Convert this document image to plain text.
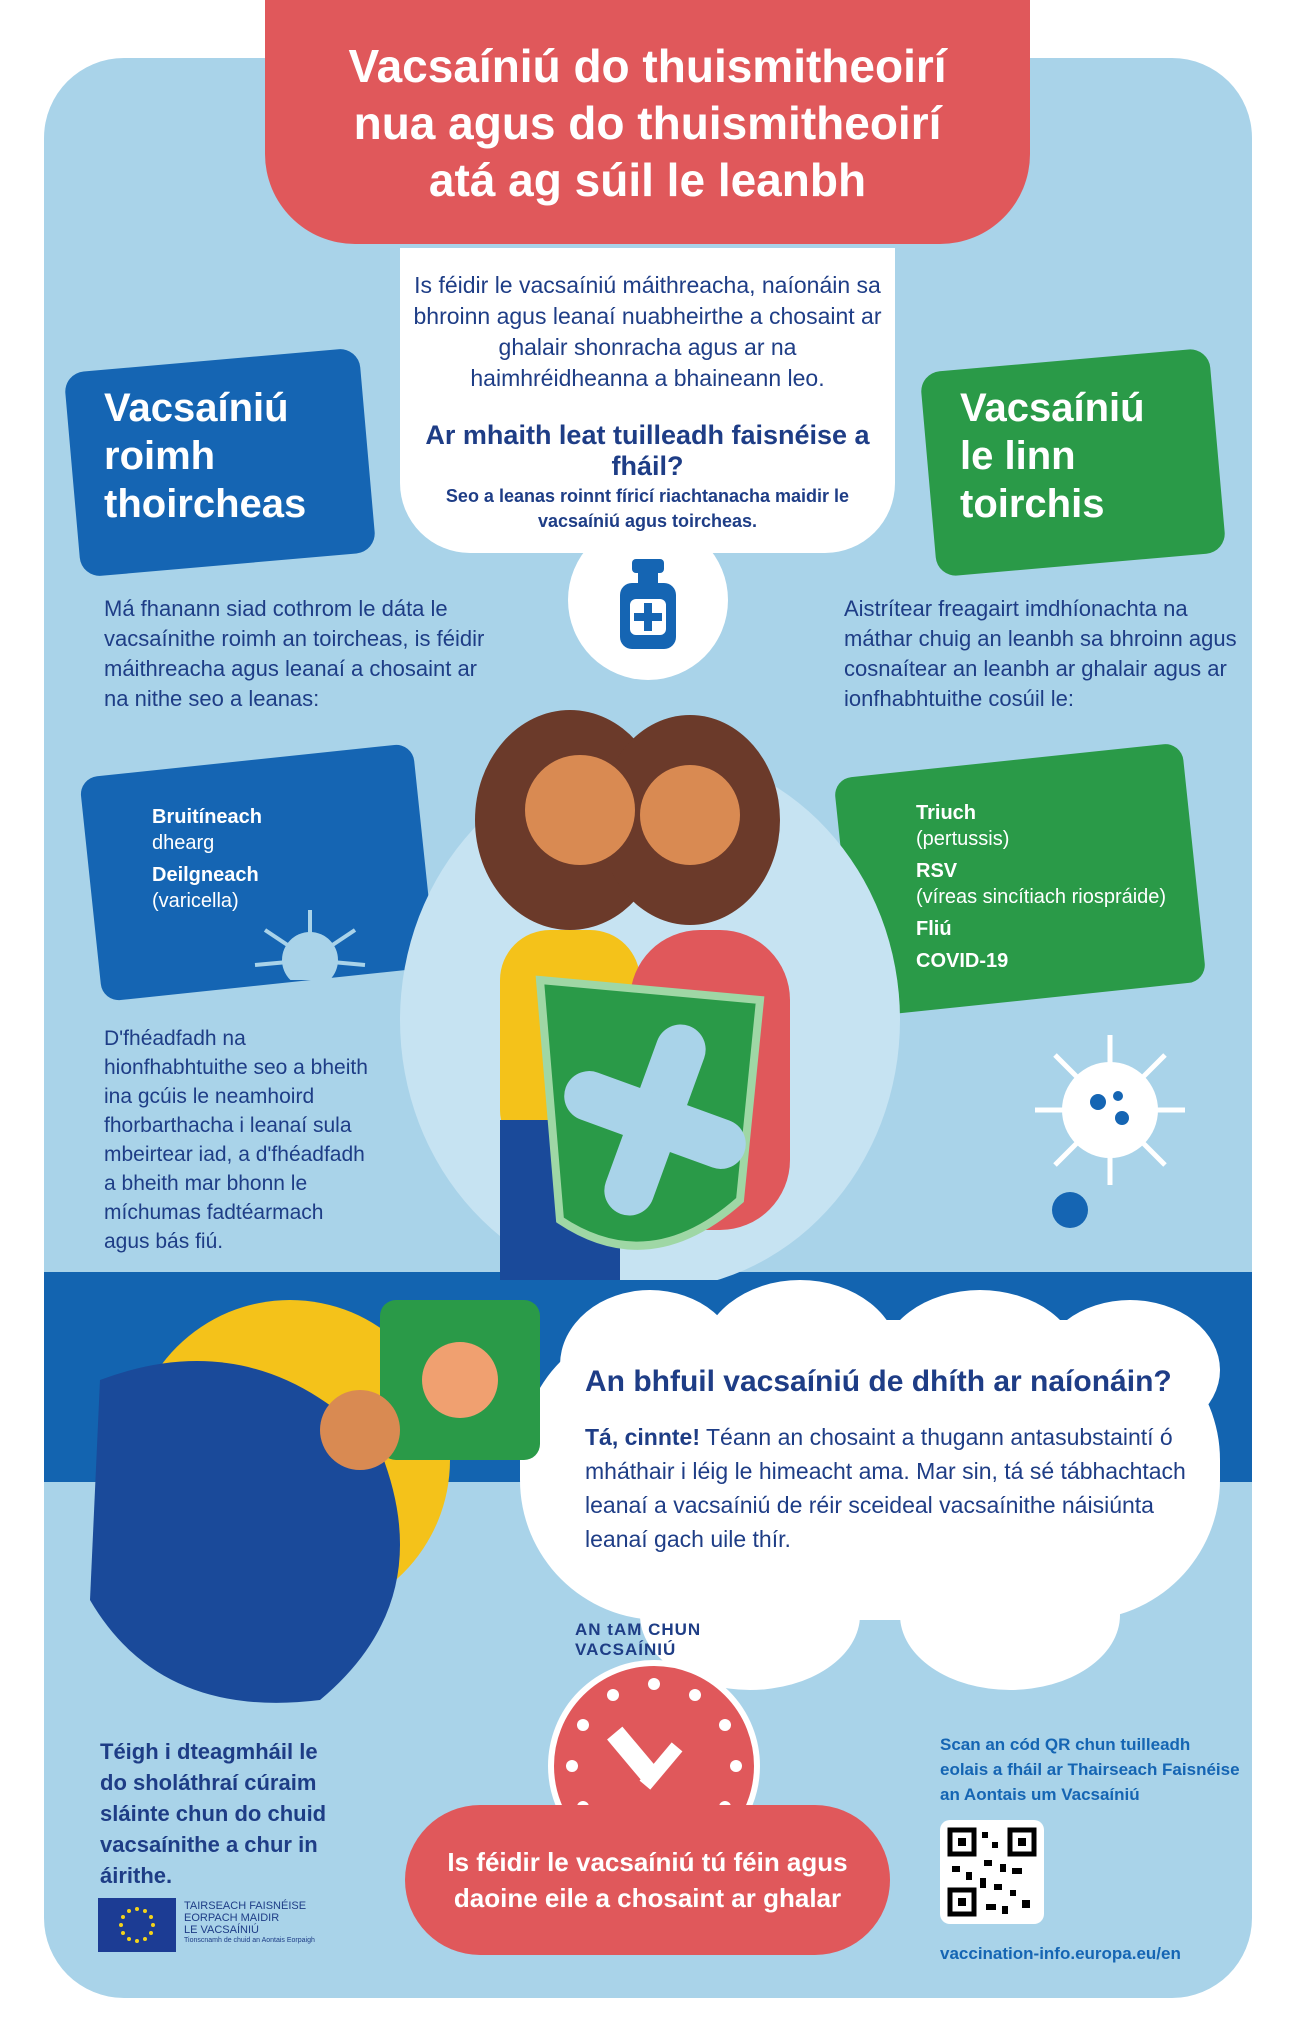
Vacsaíniú do thuismitheoirí
nua agus do thuismitheoirí
atá ag súil le leanbh
Is féidir le vacsaíniú máithreacha, naíonáin sa bhroinn agus leanaí nuabheirthe a chosaint ar ghalair shonracha agus ar na haimhréidheanna a bhaineann leo.
Ar mhaith leat tuilleadh faisnéise a fháil?
Seo a leanas roinnt fíricí riachtanacha maidir le vacsaíniú agus toircheas.
Vacsaíniú
roimh
thoircheas
Má fhanann siad cothrom le dáta le vacsaínithe roimh an toircheas, is féidir máithreacha agus leanaí a chosaint ar na nithe seo a leanas:
Bruitíneach
dhearg
Deilgneach
(varicella)
D'fhéadfadh na hionfhabhtuithe seo a bheith ina gcúis le neamhoird fhorbarthacha i leanaí sula mbeirtear iad, a d'fhéadfadh a bheith mar bhonn le míchumas fadtéarmach agus bás fiú.
Vacsaíniú
le linn
toirchis
Aistrítear freagairt imdhíonachta na máthar chuig an leanbh sa bhroinn agus cosnaítear an leanbh ar ghalair agus ar ionfhabhtuithe cosúil le:
Triuch
(pertussis)
RSV
(víreas sincítiach riospráide)
Fliú
COVID-19
An bhfuil vacsaíniú de dhíth ar naíonáin?
Tá, cinnte! Téann an chosaint a thugann antasubstaintí ó mháthair i léig le himeacht ama. Mar sin, tá sé tábhachtach leanaí a vacsaíniú de réir sceideal vacsaínithe náisiúnta leanaí gach uile thír.
Téigh i dteagmháil le do sholáthraí cúraim sláinte chun do chuid vacsaínithe a chur in áirithe.
TAIRSEACH FAISNÉISE
EORPACH MAIDIR
LE VACSAÍNIÚ
Tionscnamh de chuid an Aontais Eorpaigh
AN tAM CHUN VACSAÍNIÚ
Is féidir le vacsaíniú tú féin agus daoine eile a chosaint ar ghalar
Scan an cód QR chun tuilleadh eolais a fháil ar Thairseach Faisnéise an Aontais um Vacsaíniú
vaccination-info.europa.eu/en
